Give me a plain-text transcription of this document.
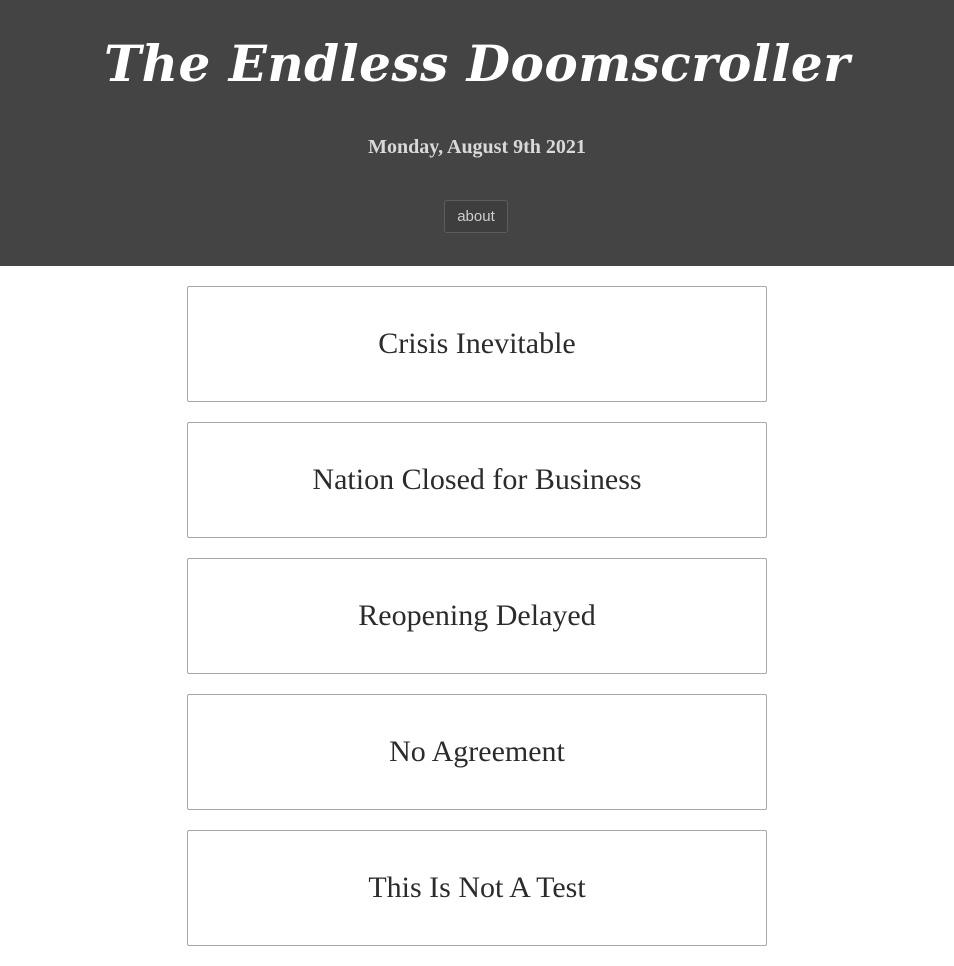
The Endless Doomscroller
Monday, August 9th 2021
about
Crisis Inevitable
Nation Closed for Business
Reopening Delayed
No Agreement
This Is Not A Test
